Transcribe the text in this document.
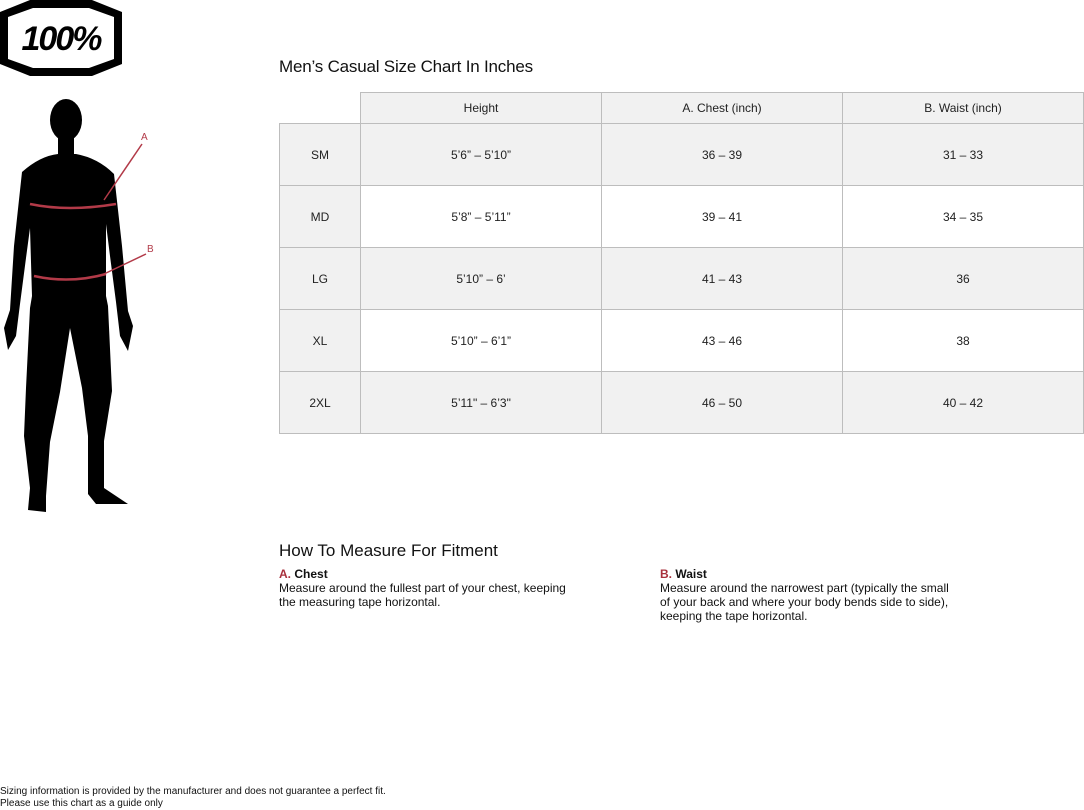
100%
A
B
Men’s Casual Size Chart In Inches
	Height	A. Chest (inch)	B. Waist (inch)
SM	5’6” – 5’10”	36 – 39	31 – 33
MD	5’8” – 5’11”	39 – 41	34 – 35
LG	5’10” – 6’	41 – 43	36
XL	5’10” – 6’1”	43 – 46	38
2XL	5’11" – 6’3"	46 – 50	40 – 42
How To Measure For Fitment
A. Chest
Measure around the fullest part of your chest, keeping the measuring tape horizontal.
B. Waist
Measure around the narrowest part (typically the small of your back and where your body bends side to side), keeping the tape horizontal.
Sizing information is provided by the manufacturer and does not guarantee a perfect fit.
Please use this chart as a guide only
